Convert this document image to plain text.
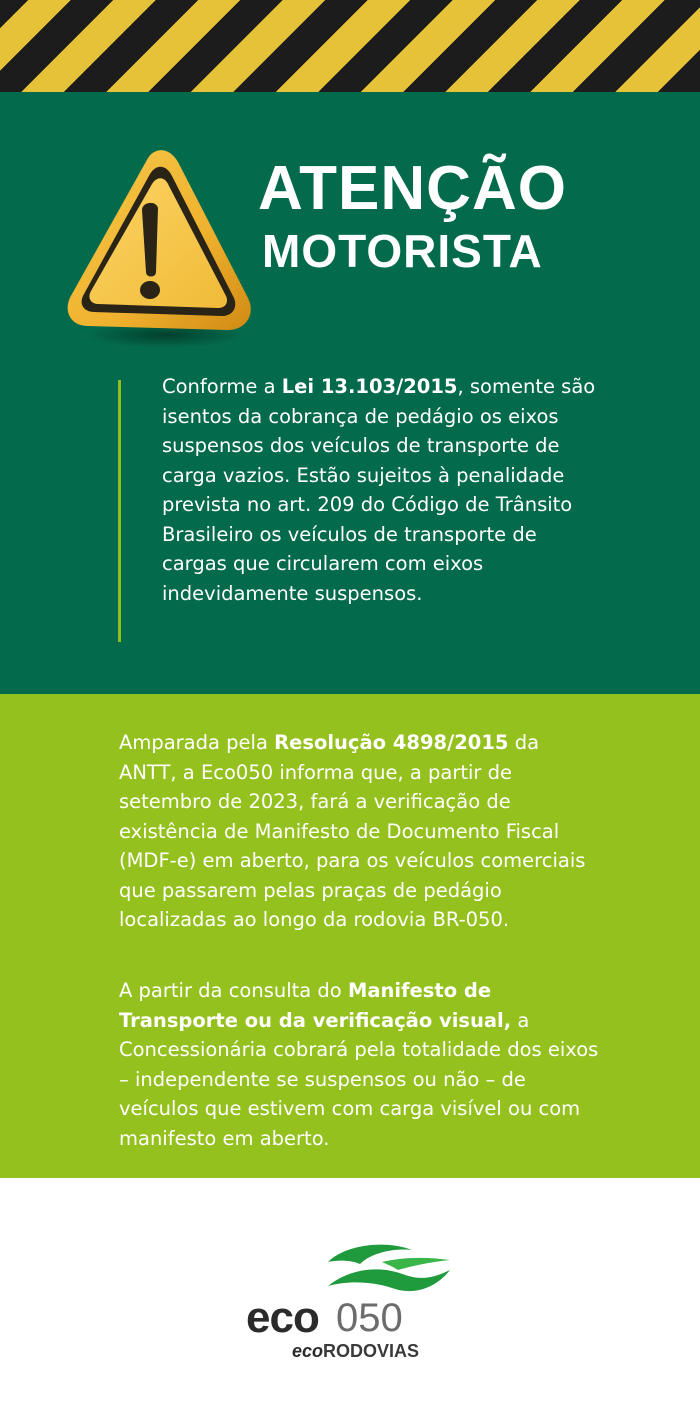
ATENÇÃO
MOTORISTA
Conforme a Lei 13.103/2015, somente são isentos da cobrança de pedágio os eixos suspensos dos veículos de transporte de carga vazios. Estão sujeitos à penalidade prevista no art. 209 do Código de Trânsito Brasileiro os veículos de transporte de cargas que circularem com eixos indevidamente suspensos.
Amparada pela Resolução 4898/2015 da ANTT, a Eco050 informa que, a partir de setembro de 2023, fará a verificação de existência de Manifesto de Documento Fiscal (MDF-e) em aberto, para os veículos comerciais que passarem pelas praças de pedágio localizadas ao longo da rodovia BR-050.
A partir da consulta do Manifesto de Transporte ou da verificação visual, a Concessionária cobrará pela totalidade dos eixos – independente se suspensos ou não – de veículos que estivem com carga visível ou com manifesto em aberto.
eco 050
ecoRODOVIAS
